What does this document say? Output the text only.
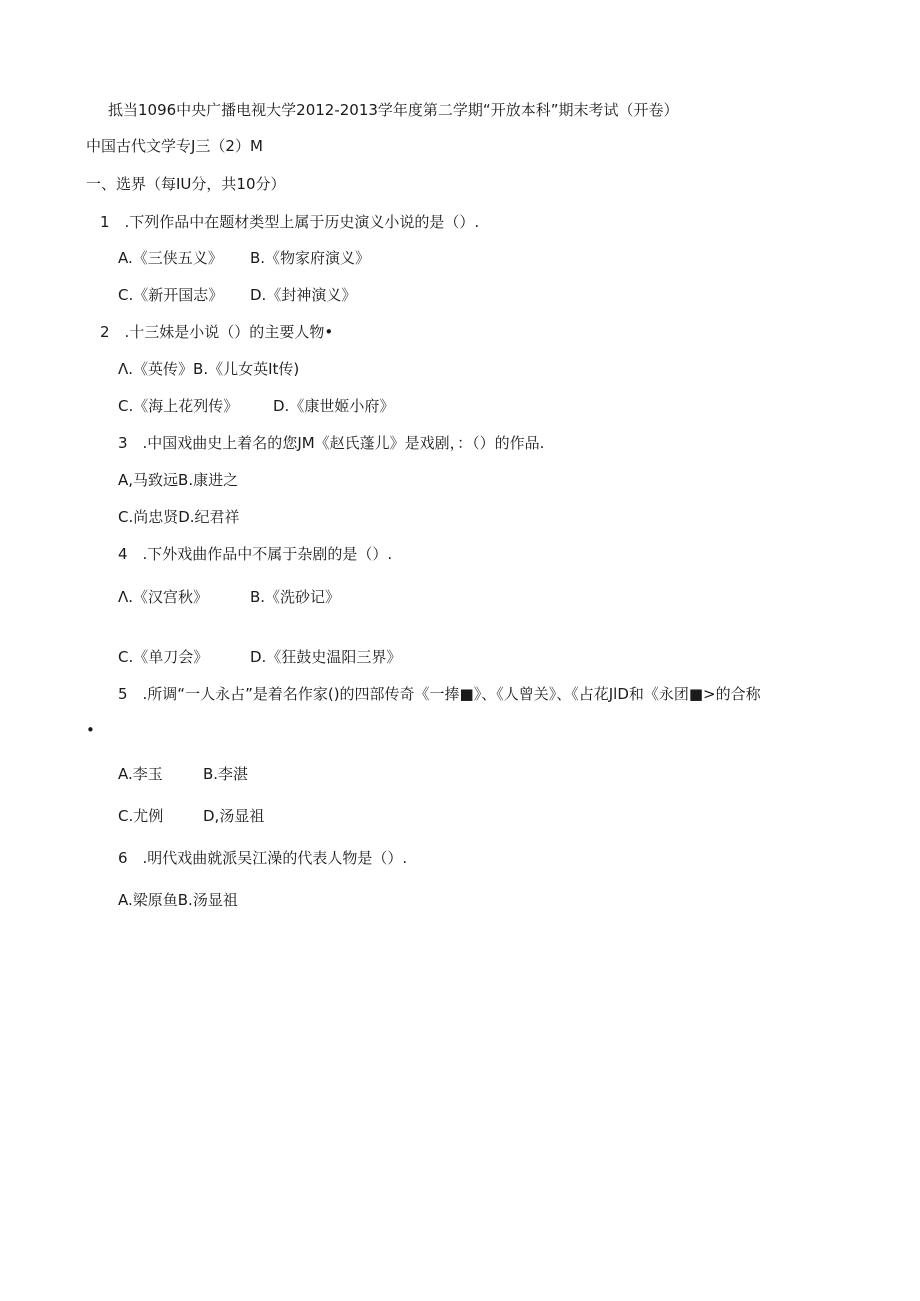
抵当1096中央广播电视大学2012-2013学年度第二学期“开放本科”期末考试（开卷）
中国古代文学专J三（2）M
一、选界（每IU分，共10分）
1　.下列作品中在题材类型上属于历史演义小说的是（）.
A.《三侠五义》 B.《物家府演义》
C.《新开国志》 D.《封神演义》
2　.十三妹是小说（）的主要人物•
Λ.《英传》B.《儿女英It传)
C.《海上花列传》 D.《康世姬小府》
3　.中国戏曲史上着名的您JM《赵氏蓬儿》是戏剧，：（）的作品.
A,马致远B.康进之
C.尚忠贤D.纪君祥
4　.下外戏曲作品中不属于杂剧的是（）.
Λ.《汉宫秋》	B.《洗砂记》
C.《单刀会》	D.《狂鼓史温阳三界》
5　.所调“一人永占”是着名作家()的四部传奇《一捧■》、《人曾关》、《占花JlD和《永团■>的合称
•
A.李玉	B.李湛
C.尤例	D,汤显祖
6　.明代戏曲就派吴江澡的代表人物是（）.
A.梁原鱼B.汤显祖
